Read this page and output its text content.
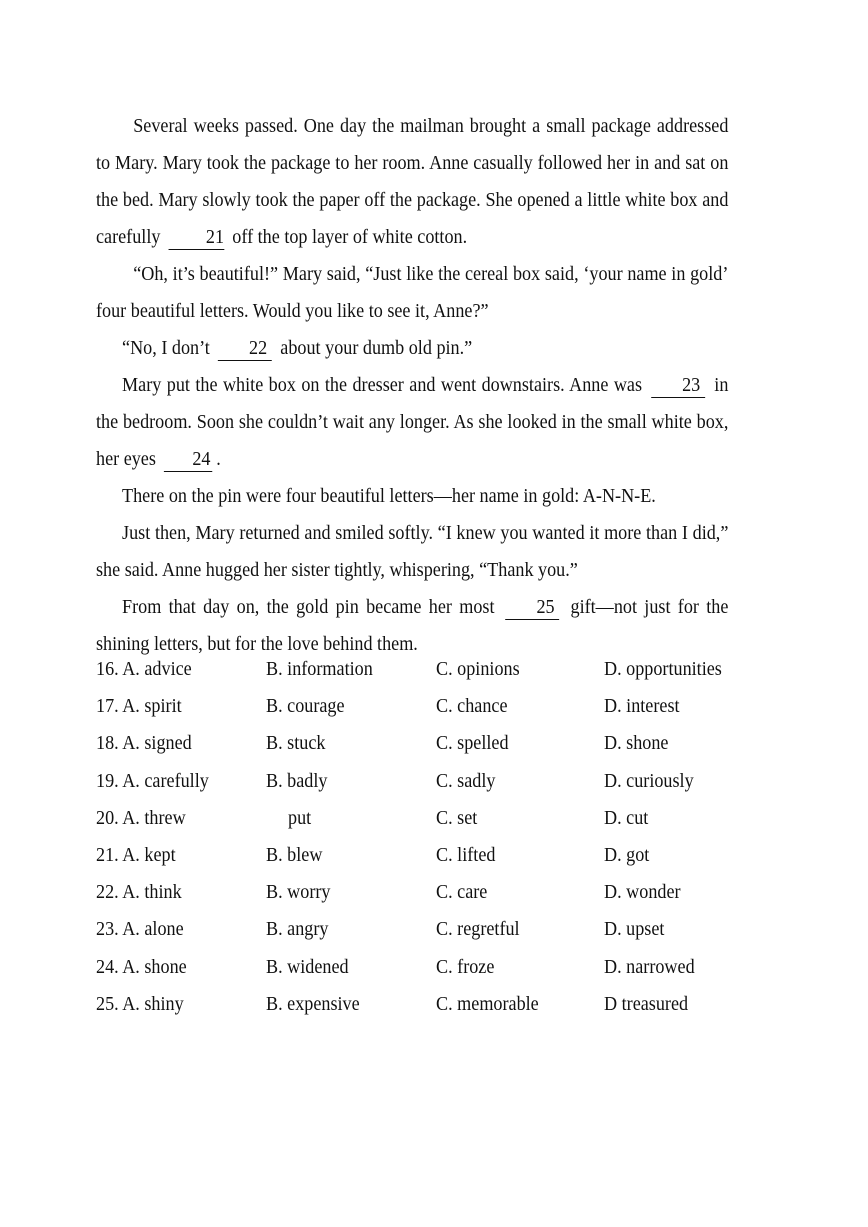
Several weeks passed. One day the mailman brought a small package addressed to Mary. Mary took the package to her room. Anne casually followed her in and sat on the bed. Mary slowly took the paper off the package. She opened a little white box and carefully 21 off the top layer of white cotton.

“Oh, it’s beautiful!” Mary said, “Just like the cereal box said, ‘your name in gold’ four beautiful letters. Would you like to see it, Anne?”

“No, I don’t 22 about your dumb old pin.”

Mary put the white box on the dresser and went downstairs. Anne was 23 in the bedroom. Soon she couldn’t wait any longer. As she looked in the small white box, her eyes 24 .

There on the pin were four beautiful letters—her name in gold: A-N-N-E.

Just then, Mary returned and smiled softly. “I knew you wanted it more than I did,” she said. Anne hugged her sister tightly, whispering, “Thank you.”

From that day on, the gold pin became her most 25 gift—not just for the shining letters, but for the love behind them.

16. A. advice	B. information	C. opinions	D. opportunities
17. A. spirit	B. courage	C. chance	D. interest
18. A. signed	B. stuck	C. spelled	D. shone
19. A. carefully	B. badly	C. sadly	D. curiously
20. A. threw	put	C. set	D. cut
21. A. kept	B. blew	C. lifted	D. got
22. A. think	B. worry	C. care	D. wonder
23. A. alone	B. angry	C. regretful	D. upset
24. A. shone	B. widened	C. froze	D. narrowed
25. A. shiny	B. expensive	C. memorable	D treasured
